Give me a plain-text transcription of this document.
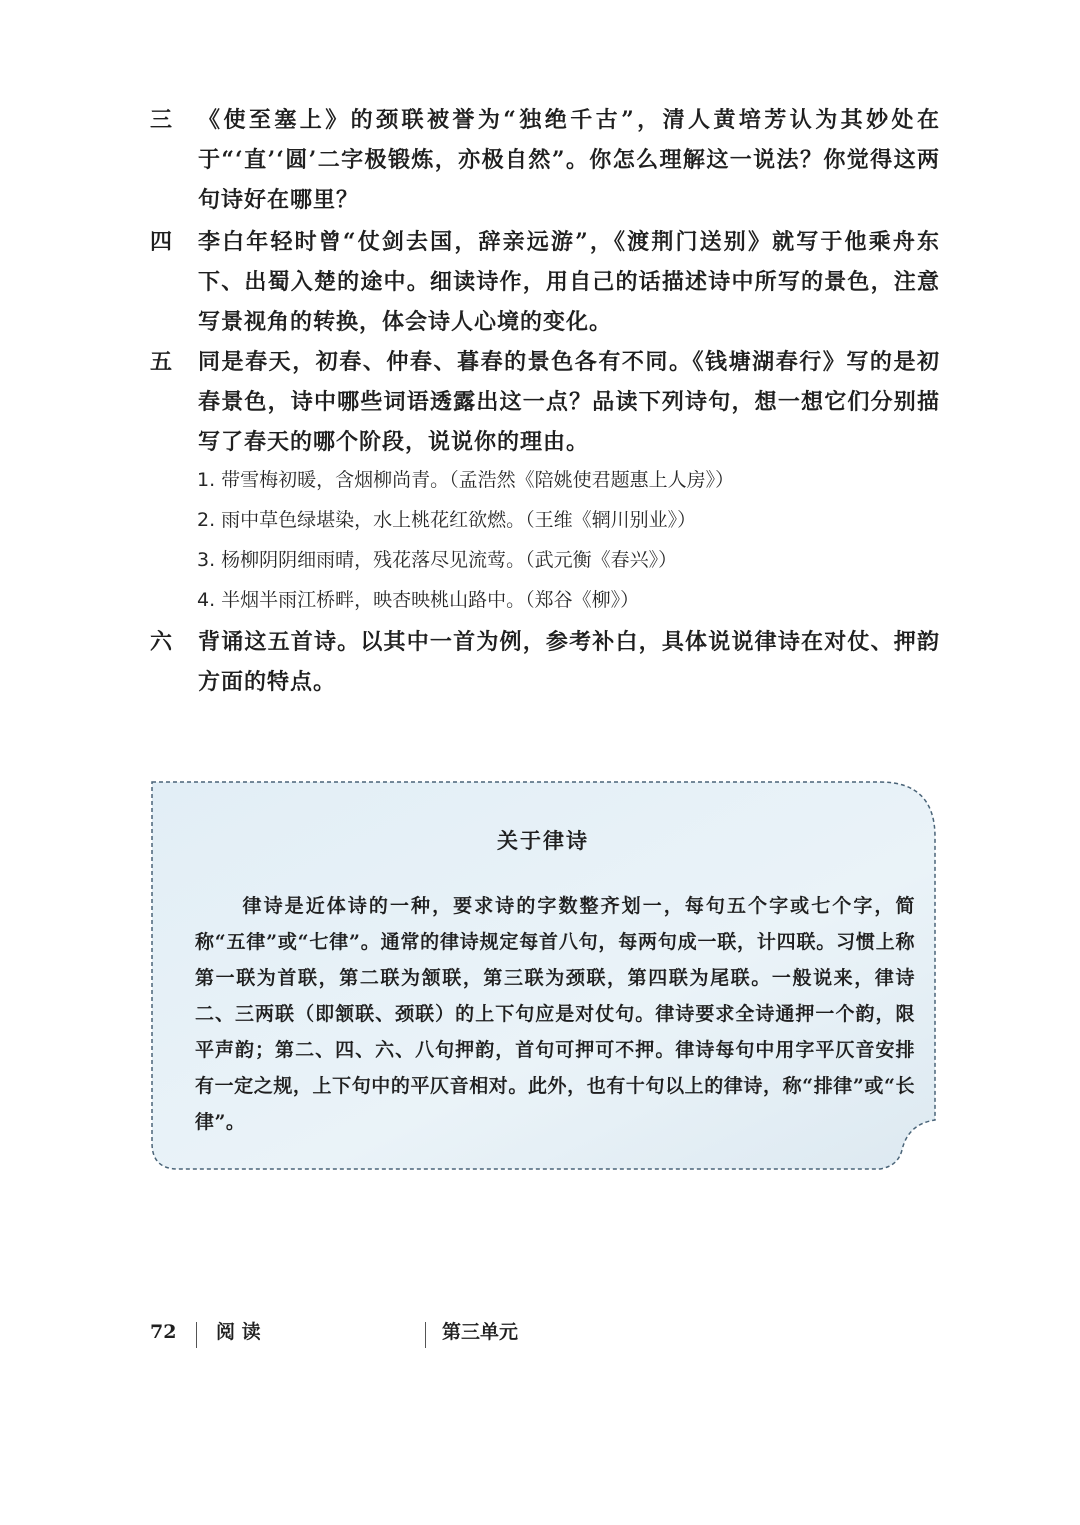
三	《使至塞上》的颈联被誉为“独绝千古”，清人黄培芳认为其妙处在于“‘直’‘圆’二字极锻炼，亦极自然”。你怎么理解这一说法？你觉得这两句诗好在哪里？
四	李白年轻时曾“仗剑去国，辞亲远游”，《渡荆门送别》就写于他乘舟东下、出蜀入楚的途中。细读诗作，用自己的话描述诗中所写的景色，注意写景视角的转换，体会诗人心境的变化。
五	同是春天，初春、仲春、暮春的景色各有不同。《钱塘湖春行》写的是初春景色，诗中哪些词语透露出这一点？品读下列诗句，想一想它们分别描写了春天的哪个阶段，说说你的理由。
1. 带雪梅初暖，含烟柳尚青。（孟浩然《陪姚使君题惠上人房》）
2. 雨中草色绿堪染，水上桃花红欲燃。（王维《辋川别业》）
3. 杨柳阴阴细雨晴，残花落尽见流莺。（武元衡《春兴》）
4. 半烟半雨江桥畔，映杏映桃山路中。（郑谷《柳》）
六	背诵这五首诗。以其中一首为例，参考补白，具体说说律诗在对仗、押韵方面的特点。
关于律诗
律诗是近体诗的一种，要求诗的字数整齐划一，每句五个字或七个字，简称“五律”或“七律”。通常的律诗规定每首八句，每两句成一联，计四联。习惯上称第一联为首联，第二联为颔联，第三联为颈联，第四联为尾联。一般说来，律诗二、三两联（即颔联、颈联）的上下句应是对仗句。律诗要求全诗通押一个韵，限平声韵；第二、四、六、八句押韵，首句可押可不押。律诗每句中用字平仄音安排有一定之规，上下句中的平仄音相对。此外，也有十句以上的律诗，称“排律”或“长律”。
72 阅 读	第三单元
